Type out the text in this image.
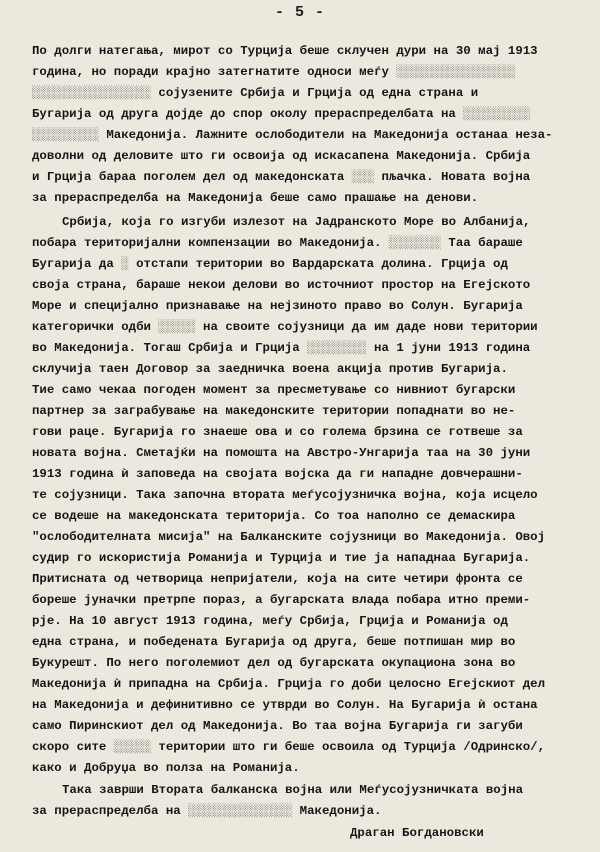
- 5 -
По долги натегања, мирот со Турција беше склучен дури на 30 мај 1913
година, но поради крајно затегнатите односи меѓу ░░░░░░░░░░░░░░░░
░░░░░░░░░░░░░░░░ сојузените Србија и Грција од една страна и
Бугарија од друга дојде до спор околу прераспределбата на ░░░░░░░░░
░░░░░░░░░ Македонија. Лажните ослободители на Македонија останаа неза-
доволни од деловите што ги освоија од искасапена Македонија. Србија
и Грција бараа поголем дел од македонската ░░░ пљачка. Новата војна
за прераспределба на Македонија беше само прашање на денови.
Србија, која го изгуби излезот на Јадранското Море во Албанија,
побара територијални компензации во Македонија. ░░░░░░░ Таа бараше
Бугарија да ░ отстапи територии во Вардарската долина. Грција од
своја страна, бараше некои делови во источниот простор на Егејското
Море и специјално признавање на нејзиното право во Солун. Бугарија
категорички одби ░░░░░ на своите сојузници да им даде нови територии
во Македонија. Тогаш Србија и Грција ░░░░░░░░ на 1 јуни 1913 година
склучија таен Договор за заедничка воена акција против Бугарија.
Тие само чекаа погоден момент за пресметување со нивниот бугарски
партнер за заграбување на македонските територии попаднати во не-
гови раце. Бугарија го знаеше ова и со голема брзина се готвеше за
новата војна. Сметајќи на помошта на Австро-Унгарија таа на 30 јуни
1913 година ѝ заповеда на својата војска да ги нападне довчерашни-
те сојузници. Така започна втората меѓусојузничка војна, која исцело
се водеше на македонската територија. Со тоа наполно се демаскира
"ослободителната мисија" на Балканските сојузници во Македонија. Овој
судир го искористија Романија и Турција и тие ја нападнаа Бугарија.
Притисната од четворица непријатели, која на сите четири фронта се
бореше јуначки претрпе пораз, а бугарската влада побара итно преми-
рје. На 10 август 1913 година, меѓу Србија, Грција и Романија од
една страна, и победената Бугарија од друга, беше потпишан мир во
Букурешт. По него поголемиот дел од бугарската окупациона зона во
Македонија ѝ припадна на Србија. Грција го доби целосно Егејскиот дел
на Македонија и дефинитивно се утврди во Солун. На Бугарија ѝ остана
само Пиринскиот дел од Македонија. Во таа војна Бугарија ги загуби
скоро сите ░░░░░ територии што ги беше освоила од Турција /Одринско/,
како и Добруџа во полза на Романија.
Така заврши Втората балканска војна или Меѓусојузничката војна
за прераспределба на ░░░░░░░░░░░░░░ Македонија.
Драган Богдановски
